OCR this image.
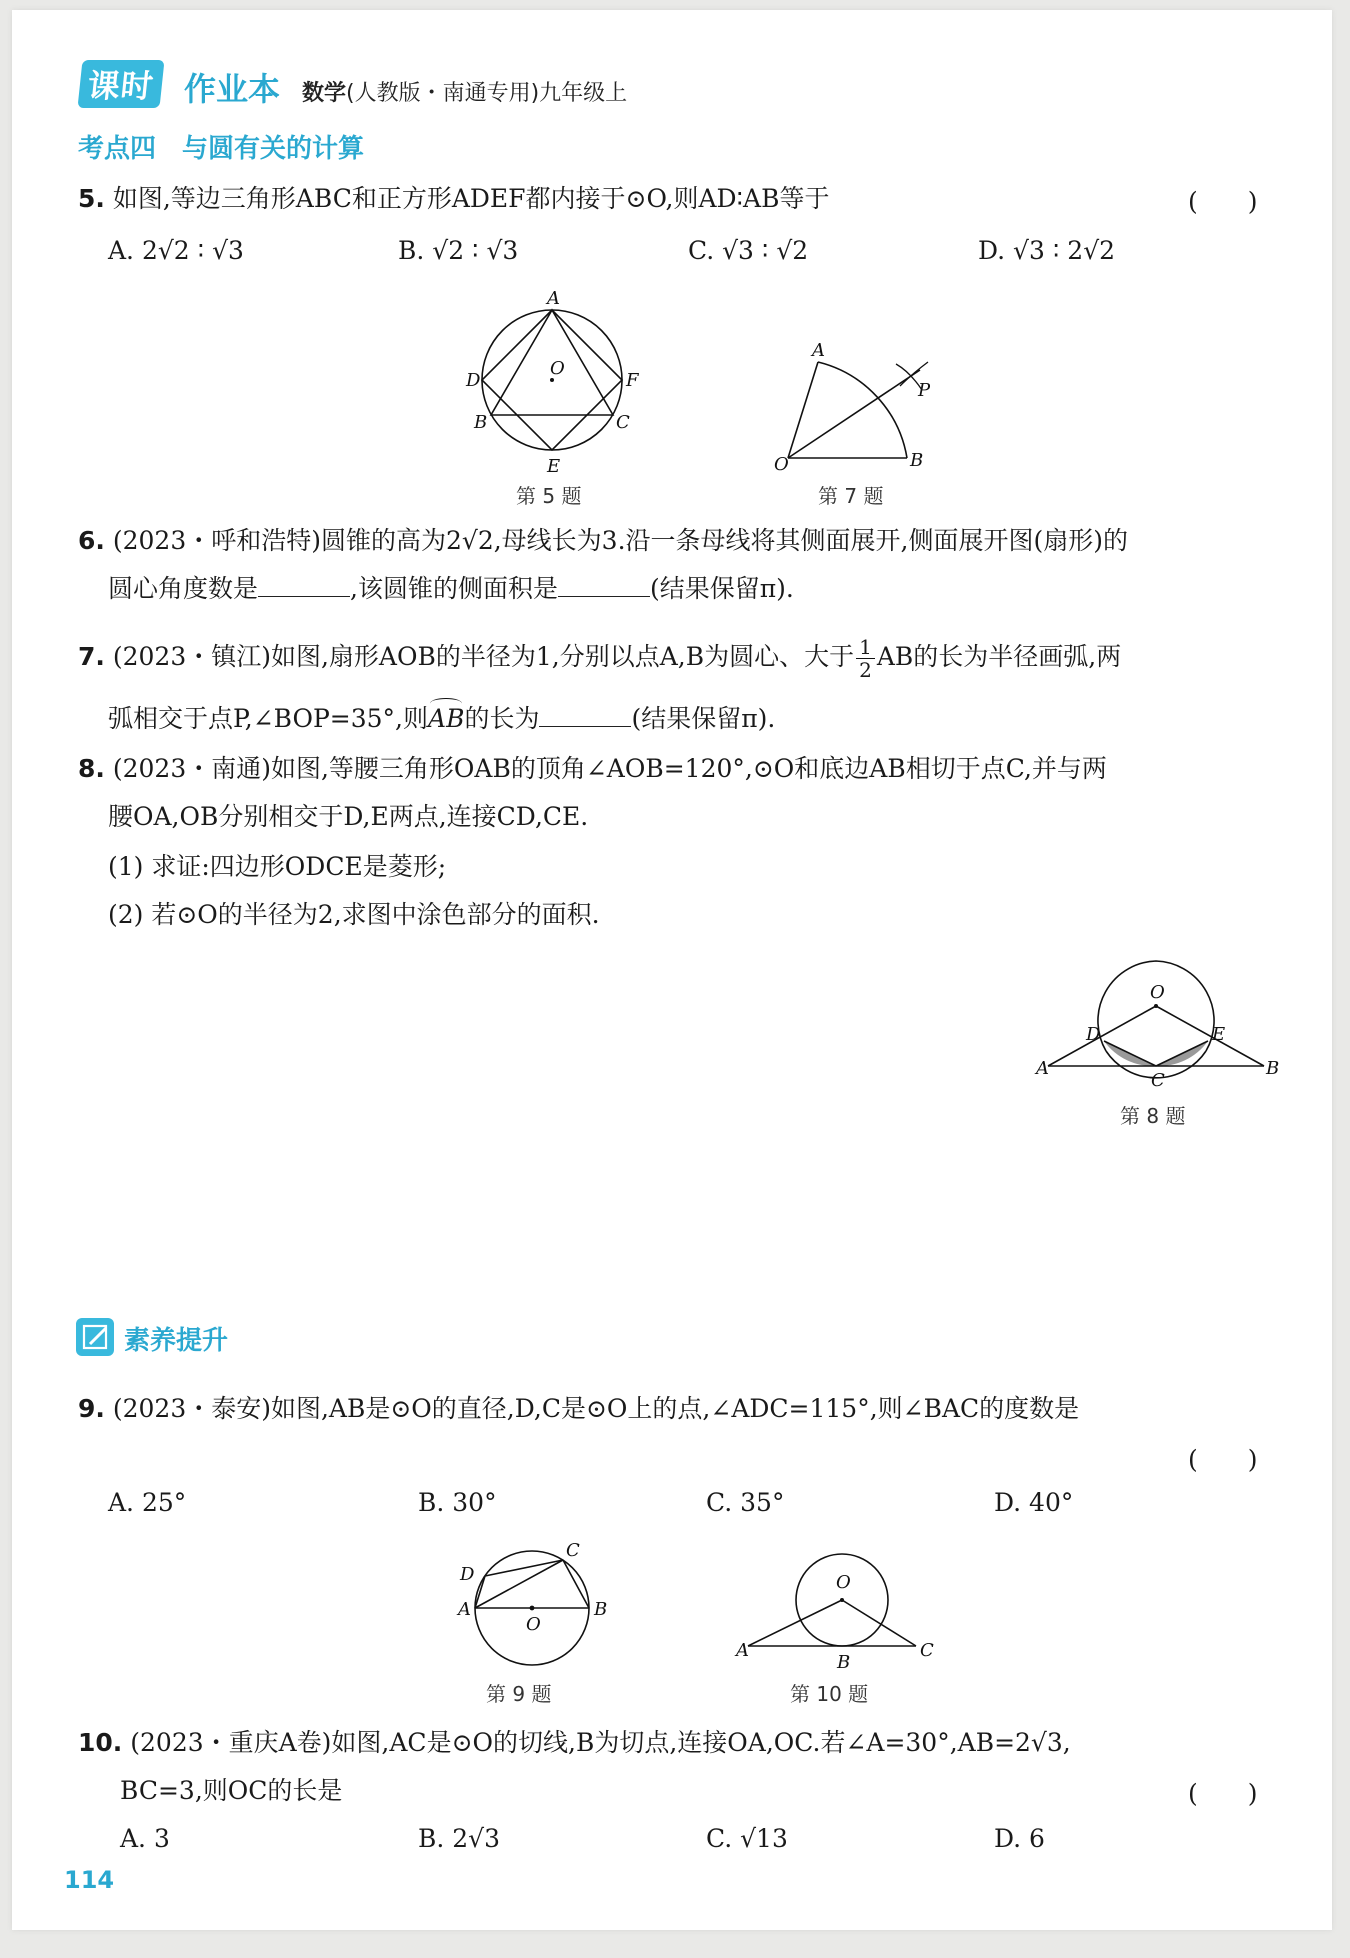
课时 作业本 数学(人教版・南通专用)九年级上
考点四　与圆有关的计算
5. 如图,等边三角形ABC和正方形ADEF都内接于⊙O,则AD∶AB等于	(　　)
A. 2√2 ∶ √3	B. √2 ∶ √3	C. √3 ∶ √2	D. √3 ∶ 2√2
A
D
O
F
B	C
E
第 5 题
A
P
O	B
第 7 题
6. (2023・呼和浩特)圆锥的高为2√2,母线长为3.沿一条母线将其侧面展开,侧面展开图(扇形)的
圆心角度数是	,该圆锥的侧面积是	(结果保留π).
7. (2023・镇江)如图,扇形AOB的半径为1,分别以点A,B为圆心、大于 $\frac{1}{2}$ AB的长为半径画弧,两
弧相交于点P,∠BOP=35°,则
AB的长为	(结果保留π).
8. (2023・南通)如图,等腰三角形OAB的顶角∠AOB=120°,⊙O和底边AB相切于点C,并与两
腰OA,OB分别相交于D,E两点,连接CD,CE.
(1) 求证:四边形ODCE是菱形;
(2) 若⊙O的半径为2,求图中涂色部分的面积.
O
D	E
A
C
B
第 8 题
素养提升
9. (2023・泰安)如图,AB是⊙O的直径,D,C是⊙O上的点,∠ADC=115°,则∠BAC的度数是
(　　)
A. 25°	B. 30°	C. 35°	D. 40°
D
C
A
O
B
第 9 题
O
A
B
C
第 10 题
10. (2023・重庆A卷)如图,AC是⊙O的切线,B为切点,连接OA,OC.若∠A=30°,AB=2√3,
BC=3,则OC的长是	(　　)
A. 3	B. 2√3	C. √13	D. 6
114
